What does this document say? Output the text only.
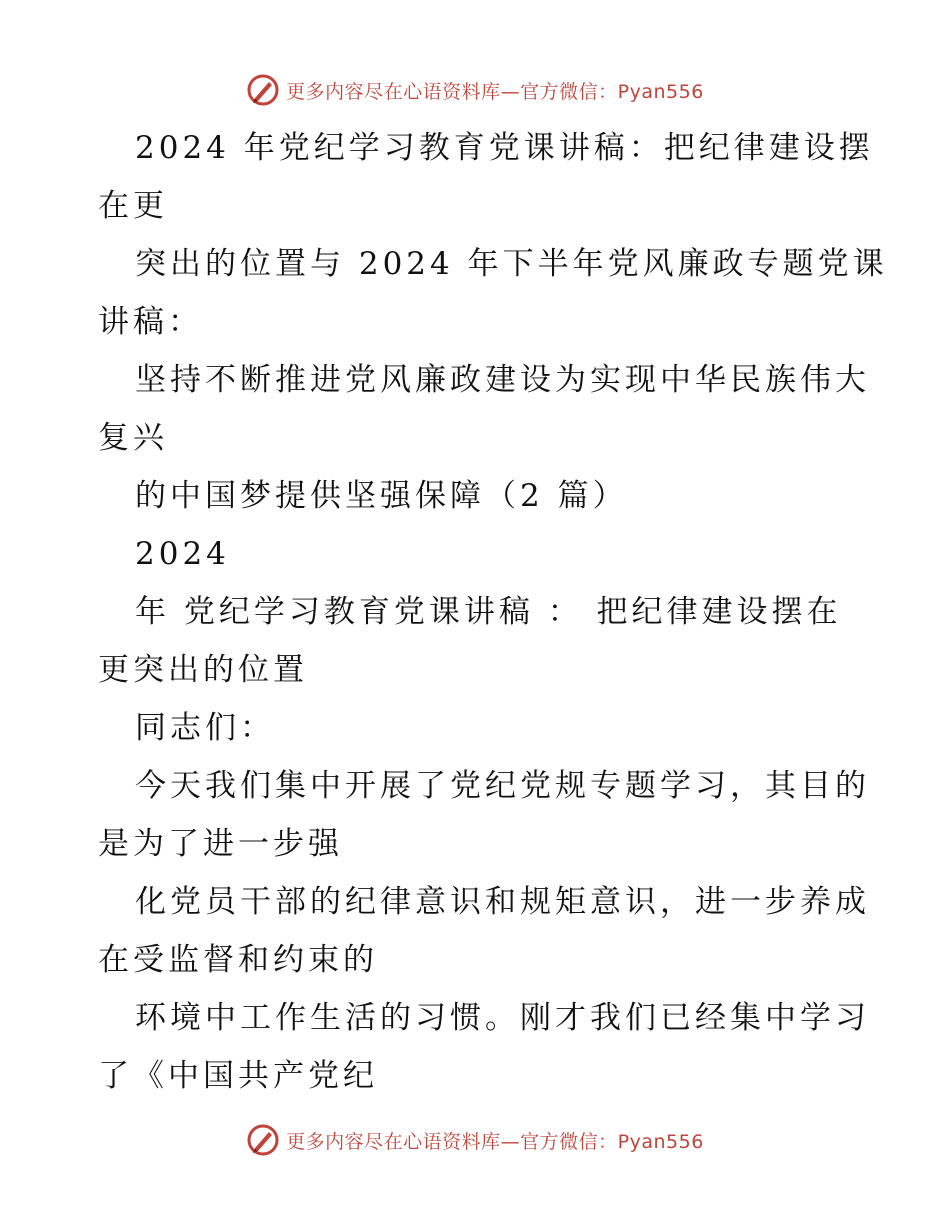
更多内容尽在心语资料库—官方微信：Pyan556
2024 年党纪学习教育党课讲稿：把纪律建设摆
在更
突出的位置与 2024 年下半年党风廉政专题党课
讲稿：
坚持不断推进党风廉政建设为实现中华民族伟大
复兴
的中国梦提供坚强保障（2 篇）
2024
年 党纪学习教育党课讲稿 ： 把纪律建设摆在
更突出的位置
同志们：
今天我们集中开展了党纪党规专题学习，其目的
是为了进一步强
化党员干部的纪律意识和规矩意识，进一步养成
在受监督和约束的
环境中工作生活的习惯。刚才我们已经集中学习
了《中国共产党纪
更多内容尽在心语资料库—官方微信：Pyan556
